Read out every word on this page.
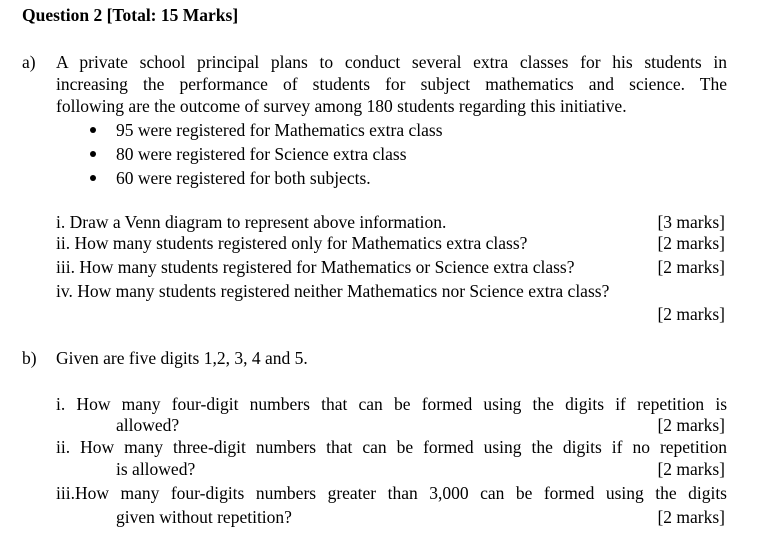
Question 2 [Total: 15 Marks]
a) A private school principal plans to conduct several extra classes for his students in
increasing the performance of students for subject mathematics and science. The
following are the outcome of survey among 180 students regarding this initiative.
95 were registered for Mathematics extra class
80 were registered for Science extra class
60 were registered for both subjects.
i. Draw a Venn diagram to represent above information.	[3 marks]
ii. How many students registered only for Mathematics extra class?	[2 marks]
iii. How many students registered for Mathematics or Science extra class?	[2 marks]
iv. How many students registered neither Mathematics nor Science extra class?
[2 marks]
b) Given are five digits 1,2, 3, 4 and 5.
i. How many four-digit numbers that can be formed using the digits if repetition is
allowed?	[2 marks]
ii. How many three-digit numbers that can be formed using the digits if no repetition
is allowed?	[2 marks]
iii.How many four-digits numbers greater than 3,000 can be formed using the digits
given without repetition?	[2 marks]
